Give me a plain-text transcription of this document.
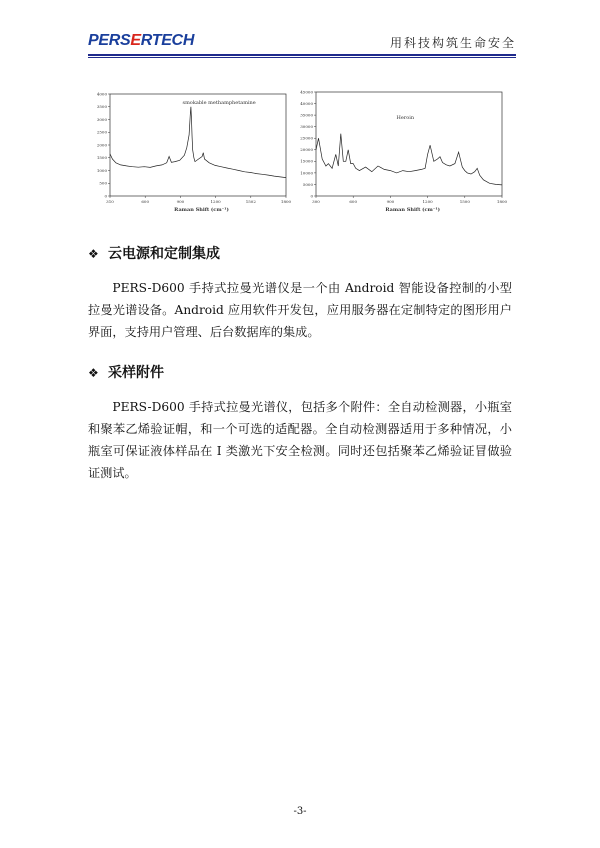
PERSERTECH	用科技构筑生命安全
310	600	900	1200	1502	1800
4000
3500
3000
2500
2000
1500
1000
500
0
smokable methamphetamine
Raman Shift (cm⁻¹)
300	600	900	1200	1500	1800
45000
40000
35000
30000
25000
20000
15000
10000
5000
0
Heroin
Raman Shift (cm⁻¹)
❖ 云电源和定制集成
PERS-D600 手持式拉曼光谱仪是一个由 Android 智能设备控制的小型拉曼光谱设备。Android 应用软件开发包，应用服务器在定制特定的图形用户界面，支持用户管理、后台数据库的集成。
❖ 采样附件
PERS-D600 手持式拉曼光谱仪，包括多个附件：全自动检测器，小瓶室和聚苯乙烯验证帽，和一个可选的适配器。全自动检测器适用于多种情况，小瓶室可保证液体样品在 I 类激光下安全检测。同时还包括聚苯乙烯验证冒做验证测试。
-3-
